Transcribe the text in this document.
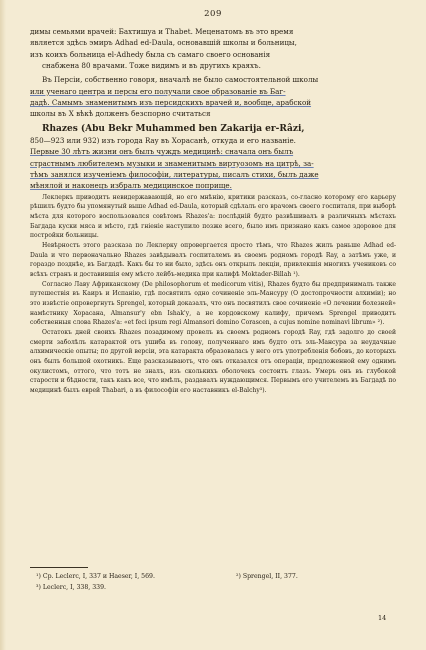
209

димы семьями врачей: Бахтишуа и Thabet. Меценатомъ въ это время

является здѣсь эмиръ Adhad ed-Daula, основавшій школы и больницы,

изъ коихъ больница el-Adhedy была съ самаго своего основанія

снабжена 80 врачами. Тоже видимъ и въ другихъ краяхъ.

Въ Персіи, собственно говоря, вначалѣ не было самостоятельной школы

или ученаго центра и персы его получали свое образованіе въ Баг-

дадѣ. Самымъ знаменитымъ изъ персидскихъ врачей и, вообще, арабской

школы въ X вѣкѣ долженъ безспорно считаться

Rhazes (Abu Bekr Muhammed ben Zakarija er-Râzi,

850—923 или 932) изъ города Rаy въ Хорасанѣ, откуда и его названіе.

Первые 30 лѣтъ жизни онъ былъ чуждъ медицинѣ: сначала онъ былъ

страстнымъ любителемъ музыки и знаменитымъ виртуозомъ на цитрѣ, за-

тѣмъ занялся изученіемъ философіи, литературы, писалъ стихи, былъ даже

мѣнялой и наконецъ избралъ медицинское поприще.

Леклеркъ приводитъ невидержавающій, но его мнѣнію, критики разсказъ, со-гласно которому его карьеру рѣшилъ будто бы упомянутый выше Adhad ed-Daula, который сдѣлалъ его врачомъ своего госпиталя, при выборѣ мѣста для которого воспользовался совѣтомъ Rhazes'а: послѣдній будто развѣшивалъ в различныхъ мѣстахъ Багдада куски мяса и мѣсто, гдѣ гніеніе наступило позже всего, было имъ признано какъ самое здоровое для постройки больницы.

Невѣрностъ этого разсказа по Леклерку опровергается просто тѣмъ, что Rhazes жилъ раньше Adhad ed-Daula и что первоначально Rhazes завѣдывалъ госпиталемъ въ своемъ родномъ городѣ Rаy, а затѣмъ уже, и гораздо позднѣе, въ Багдадѣ. Какъ бы то ни было, здѣсь онъ открылъ лекціи, привлекшія многихъ учениковъ со всѣхъ странъ и доставившія ему мѣсто лейбъ-медика при калифѣ Moktader-Billah ¹).

Согласно Лаву Африканскому (De philosophorum et medicorum vitis), Rhazes будто бы предпринималъ также путешествія въ Каиръ и Испанію, гдѣ посвятилъ одно сочиненіе эль-Мансуру (О достопрочности алхиміи); но это извѣстіе опровергнуть Sprengel, который доказалъ, что онъ посвятилъ свое сочиненіе «О лечении болезней» намѣстнику Хорасана, Almansur'у ebn Ishak'у, а не кордовскому калифу, причемъ Sprengel приводитъ собственныя слова Rhazes'а: «et feci ipsum regi Almansori domino Corascen, a cujus nomine nominavi librum» ²).

Остатокъ дней своихъ Rhazes позадимому провелъ въ своемъ родномъ городѣ Rаy, гдѣ задолго до своей смерти заболѣлъ катарактой отъ ушиба въ голову, полученнаго имъ будто отъ эль-Мансура за неудачные алхимическіе опыты; по другой версіи, эта катаракта образовалась у него отъ употребленія бобовъ, до которыхъ онъ былъ большой охотникъ. Еще разсказываютъ, что онъ отказался отъ операціи, предложенной ему однимъ окулистомъ, оттого, что тотъ не зналъ, изъ сколькихъ оболочекъ состоитъ глазъ. Умеръ онъ въ глубокой старости и бѣдности, такъ какъ все, что имѣлъ, раздавалъ нуждающимся. Первымъ его учителемъ въ Багдадѣ по медицинѣ былъ еврей Thabari, а въ философіи его наставникъ el-Balchy³).

¹) Cp. Leclerc, I, 337 и Haeser, I, 569.	²) Sprengel, II, 377.
³) Leclerc, I, 338, 339.
14
